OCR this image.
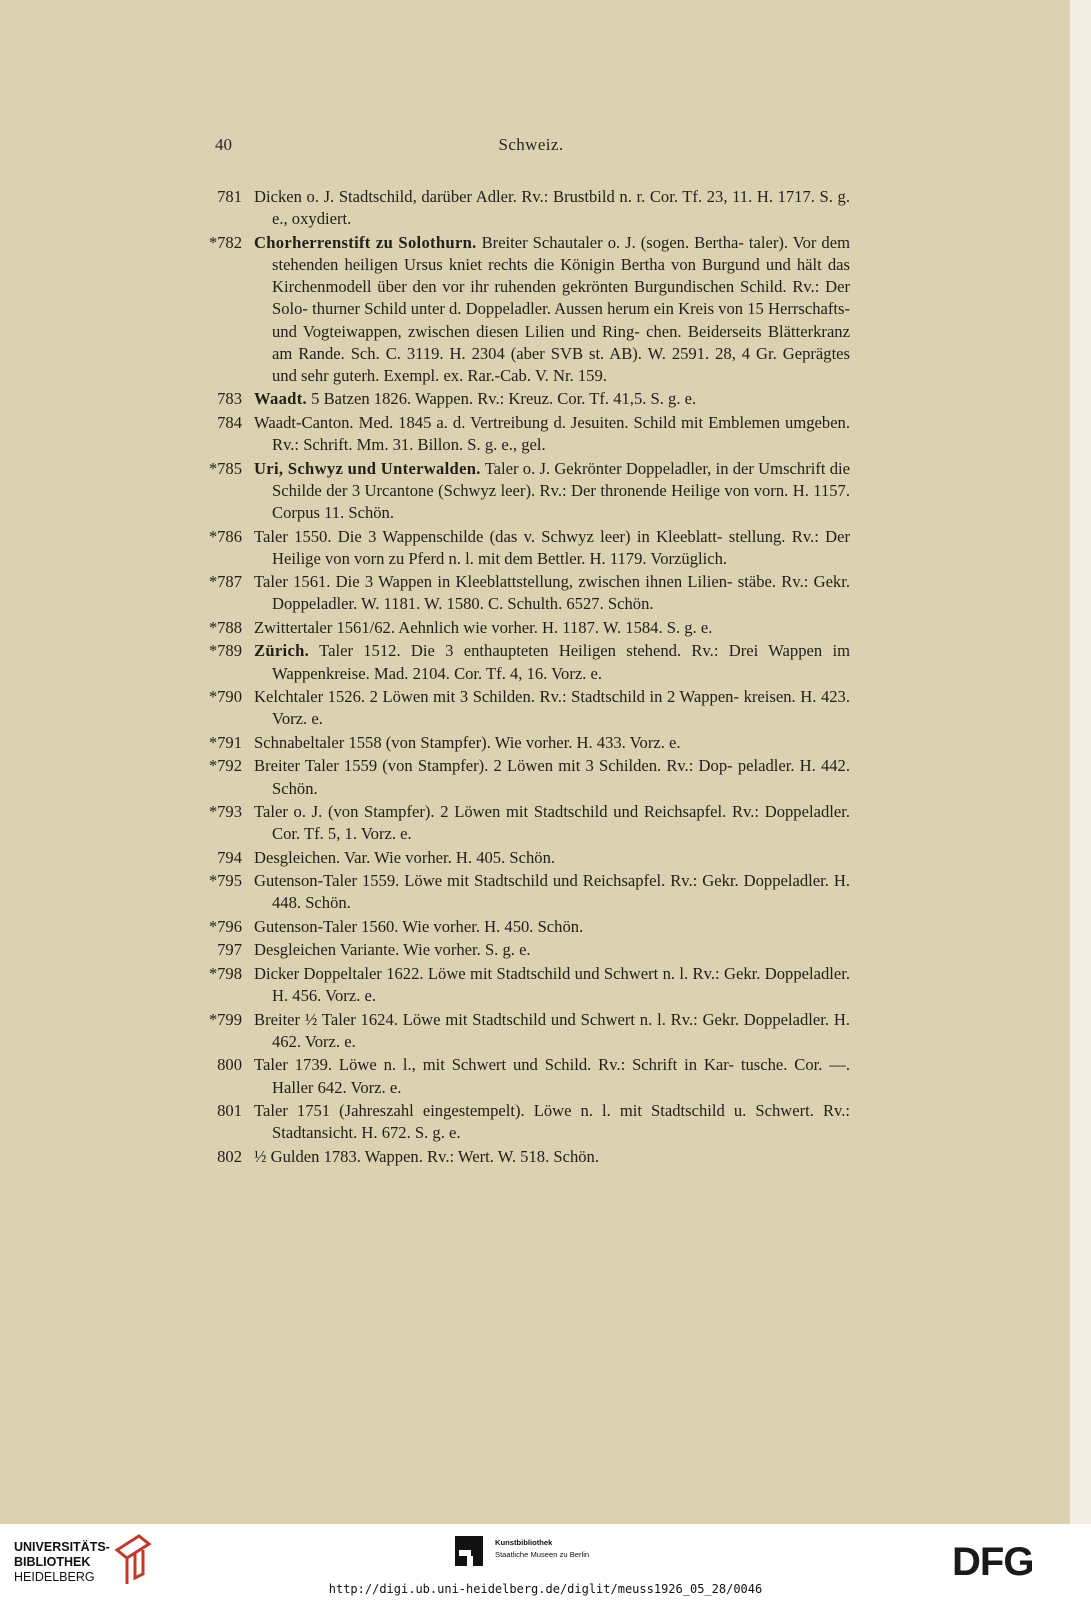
40	Schweiz.
781 Dicken o. J. Stadtschild, darüber Adler. Rv.: Brustbild n. r. Cor. Tf. 23, 11. H. 1717. S. g. e., oxydiert.
*782 Chorherrenstift zu Solothurn. Breiter Schautaler o. J. (sogen. Bertha- taler). Vor dem stehenden heiligen Ursus kniet rechts die Königin Bertha von Burgund und hält das Kirchenmodell über den vor ihr ruhenden gekrönten Burgundischen Schild. Rv.: Der Solo- thurner Schild unter d. Doppeladler. Aussen herum ein Kreis von 15 Herrschafts- und Vogteiwappen, zwischen diesen Lilien und Ring- chen. Beiderseits Blätterkranz am Rande. Sch. C. 3119. H. 2304 (aber SVB st. AB). W. 2591. 28, 4 Gr. Geprägtes und sehr guterh. Exempl. ex. Rar.-Cab. V. Nr. 159.
783 Waadt. 5 Batzen 1826. Wappen. Rv.: Kreuz. Cor. Tf. 41,5. S. g. e.
784 Waadt-Canton. Med. 1845 a. d. Vertreibung d. Jesuiten. Schild mit Emblemen umgeben. Rv.: Schrift. Mm. 31. Billon. S. g. e., gel.
*785 Uri, Schwyz und Unterwalden. Taler o. J. Gekrönter Doppeladler, in der Umschrift die Schilde der 3 Urcantone (Schwyz leer). Rv.: Der thronende Heilige von vorn. H. 1157. Corpus 11. Schön.
*786 Taler 1550. Die 3 Wappenschilde (das v. Schwyz leer) in Kleeblatt- stellung. Rv.: Der Heilige von vorn zu Pferd n. l. mit dem Bettler. H. 1179. Vorzüglich.
*787 Taler 1561. Die 3 Wappen in Kleeblattstellung, zwischen ihnen Lilien- stäbe. Rv.: Gekr. Doppeladler. W. 1181. W. 1580. C. Schulth. 6527. Schön.
*788 Zwittertaler 1561/62. Aehnlich wie vorher. H. 1187. W. 1584. S. g. e.
*789 Zürich. Taler 1512. Die 3 enthaupteten Heiligen stehend. Rv.: Drei Wappen im Wappenkreise. Mad. 2104. Cor. Tf. 4, 16. Vorz. e.
*790 Kelchtaler 1526. 2 Löwen mit 3 Schilden. Rv.: Stadtschild in 2 Wappen- kreisen. H. 423. Vorz. e.
*791 Schnabeltaler 1558 (von Stampfer). Wie vorher. H. 433. Vorz. e.
*792 Breiter Taler 1559 (von Stampfer). 2 Löwen mit 3 Schilden. Rv.: Dop- peladler. H. 442. Schön.
*793 Taler o. J. (von Stampfer). 2 Löwen mit Stadtschild und Reichsapfel. Rv.: Doppeladler. Cor. Tf. 5, 1. Vorz. e.
794 Desgleichen. Var. Wie vorher. H. 405. Schön.
*795 Gutenson-Taler 1559. Löwe mit Stadtschild und Reichsapfel. Rv.: Gekr. Doppeladler. H. 448. Schön.
*796 Gutenson-Taler 1560. Wie vorher. H. 450. Schön.
797 Desgleichen Variante. Wie vorher. S. g. e.
*798 Dicker Doppeltaler 1622. Löwe mit Stadtschild und Schwert n. l. Rv.: Gekr. Doppeladler. H. 456. Vorz. e.
*799 Breiter ½ Taler 1624. Löwe mit Stadtschild und Schwert n. l. Rv.: Gekr. Doppeladler. H. 462. Vorz. e.
800 Taler 1739. Löwe n. l., mit Schwert und Schild. Rv.: Schrift in Kar- tusche. Cor. —. Haller 642. Vorz. e.
801 Taler 1751 (Jahreszahl eingestempelt). Löwe n. l. mit Stadtschild u. Schwert. Rv.: Stadtansicht. H. 672. S. g. e.
802 ½ Gulden 1783. Wappen. Rv.: Wert. W. 518. Schön.
UNIVERSITÄTS-
BIBLIOTHEK
HEIDELBERG
Kunstbibliothek
Staatliche Museen zu Berlin	DFG
http://digi.ub.uni-heidelberg.de/diglit/meuss1926_05_28/0046
